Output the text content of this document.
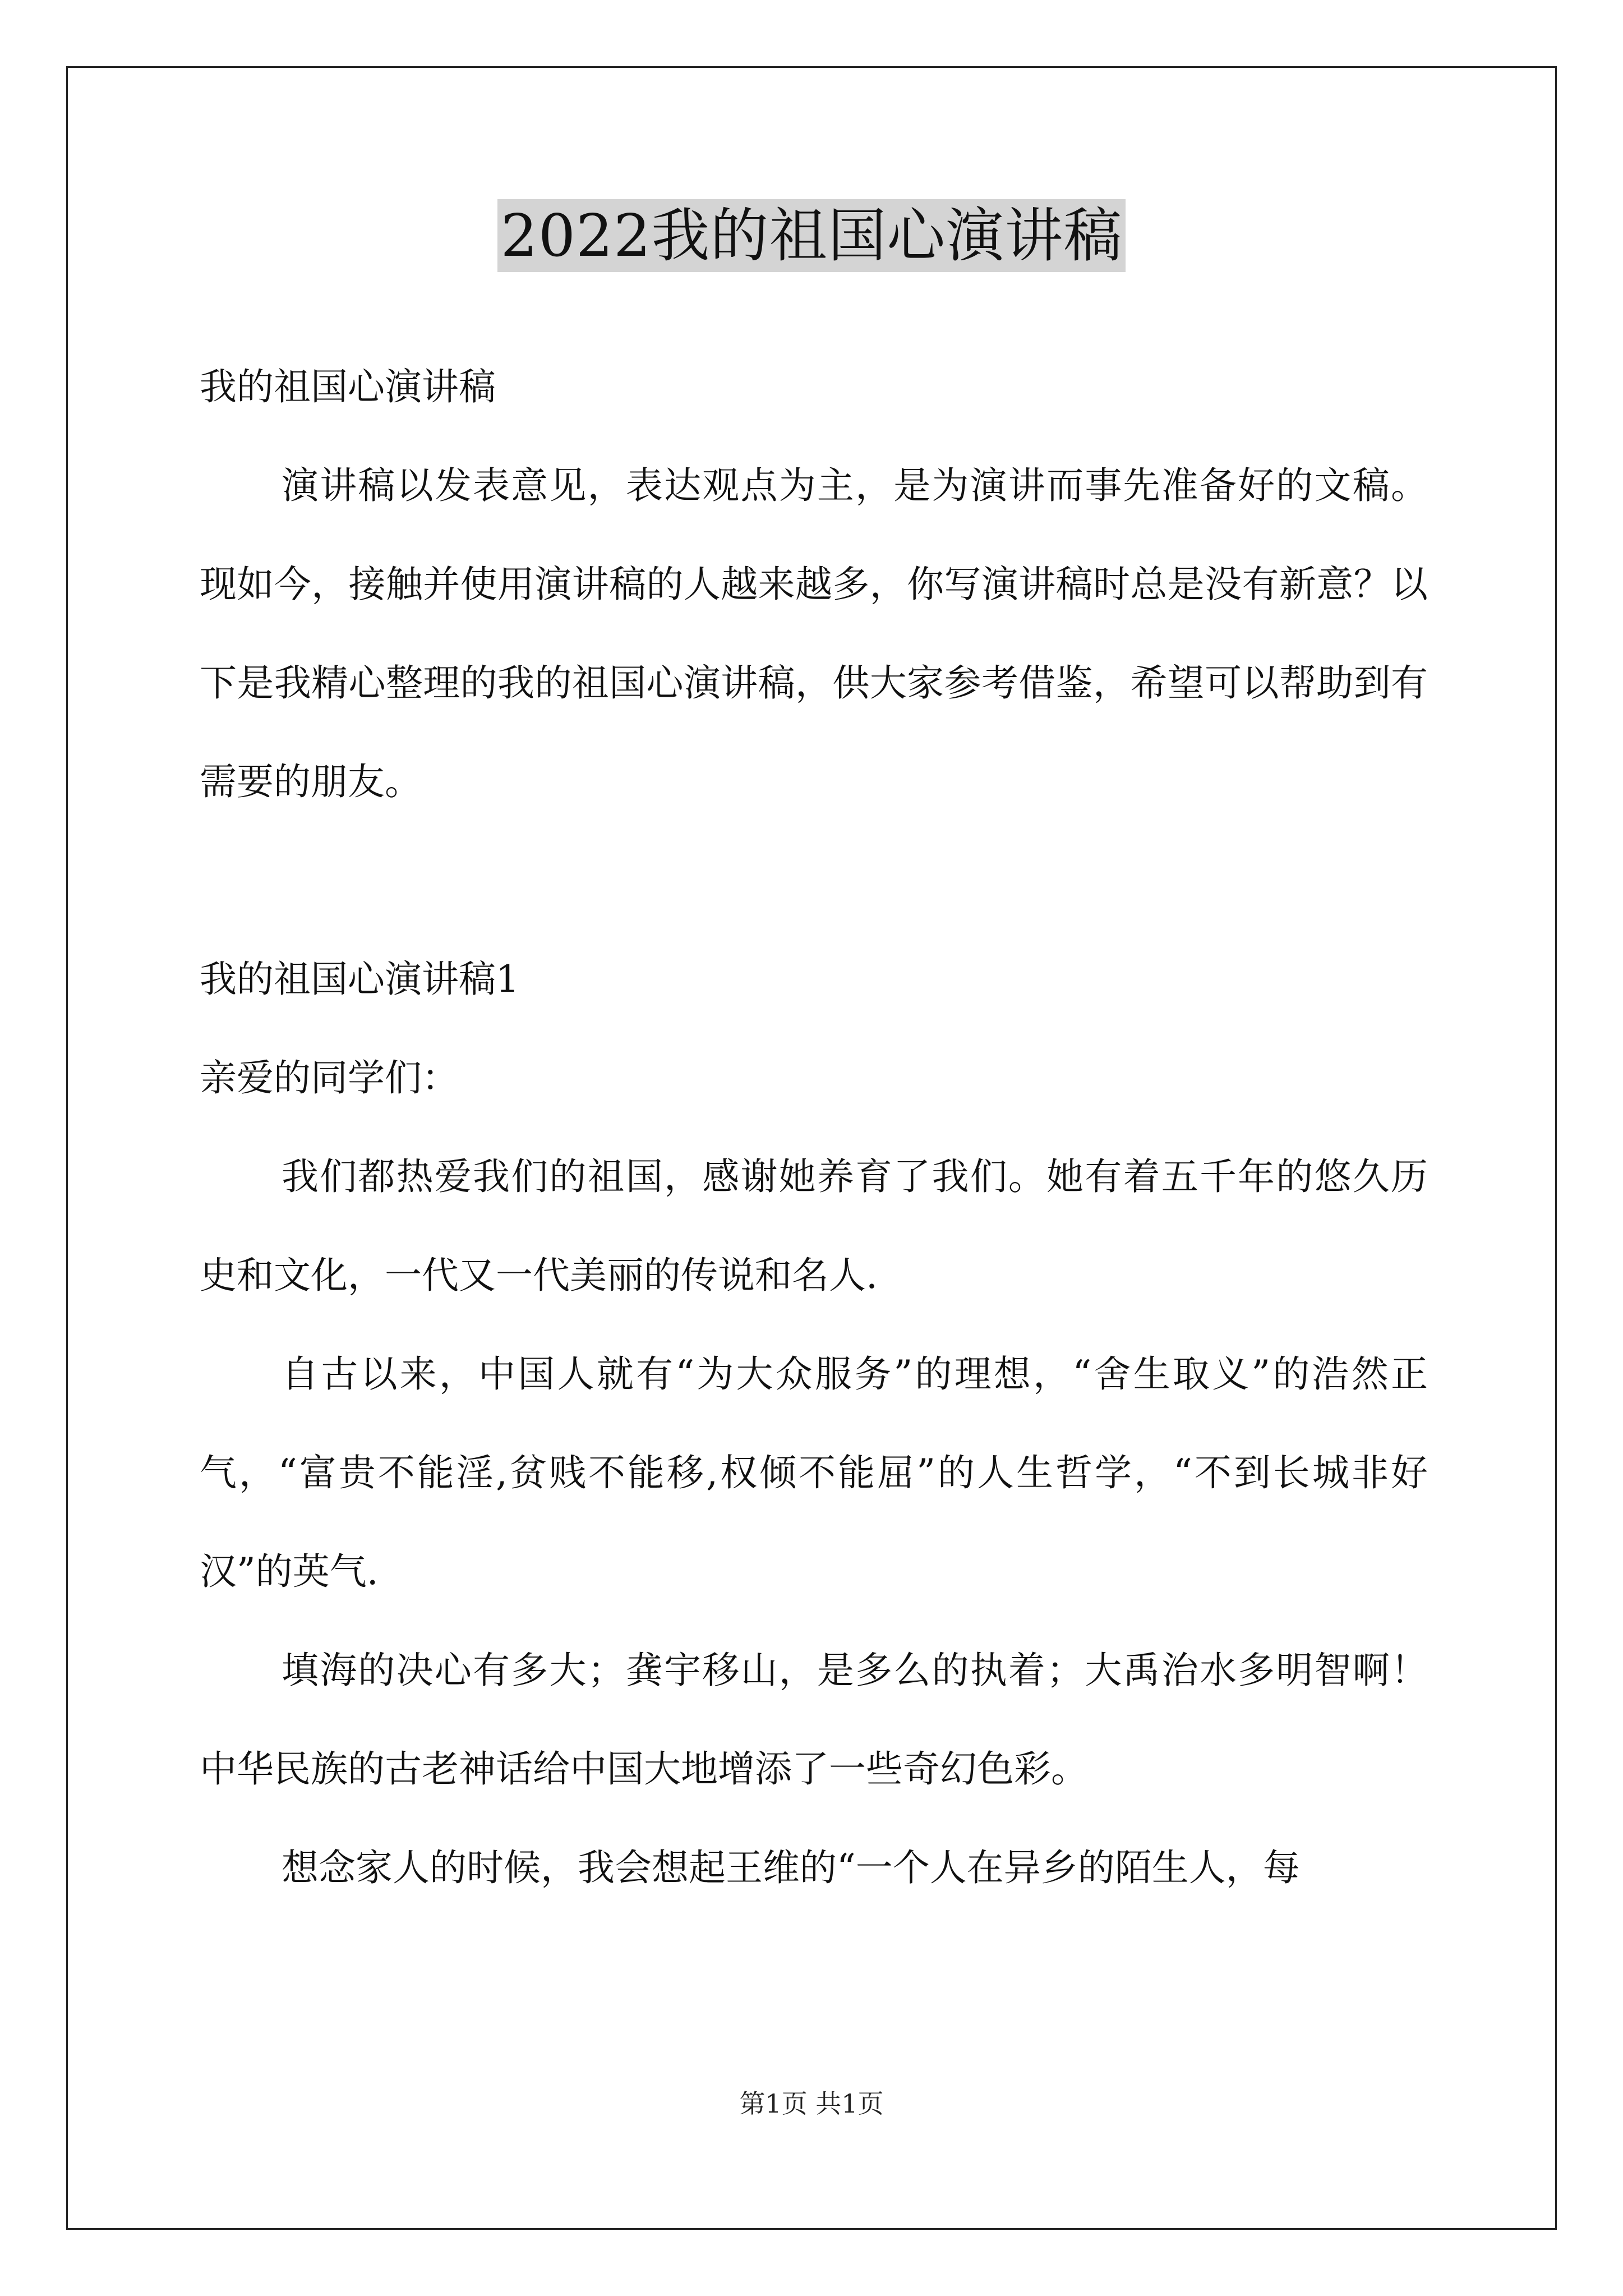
2022我的祖国心演讲稿

我的祖国心演讲稿

演讲稿以发表意见，表达观点为主，是为演讲而事先准备好的文稿。现如今，接触并使用演讲稿的人越来越多，你写演讲稿时总是没有新意？以下是我精心整理的我的祖国心演讲稿，供大家参考借鉴，希望可以帮助到有需要的朋友。

我的祖国心演讲稿1

亲爱的同学们：

我们都热爱我们的祖国，感谢她养育了我们。她有着五千年的悠久历史和文化，一代又一代美丽的传说和名人.

自古以来，中国人就有“为大众服务”的理想，“舍生取义”的浩然正气，“富贵不能淫,贫贱不能移,权倾不能屈”的人生哲学，“不到长城非好汉”的英气.

填海的决心有多大；龚宇移山，是多么的执着；大禹治水多明智啊！中华民族的古老神话给中国大地增添了一些奇幻色彩。

想念家人的时候，我会想起王维的“一个人在异乡的陌生人，每

第1页 共1页
